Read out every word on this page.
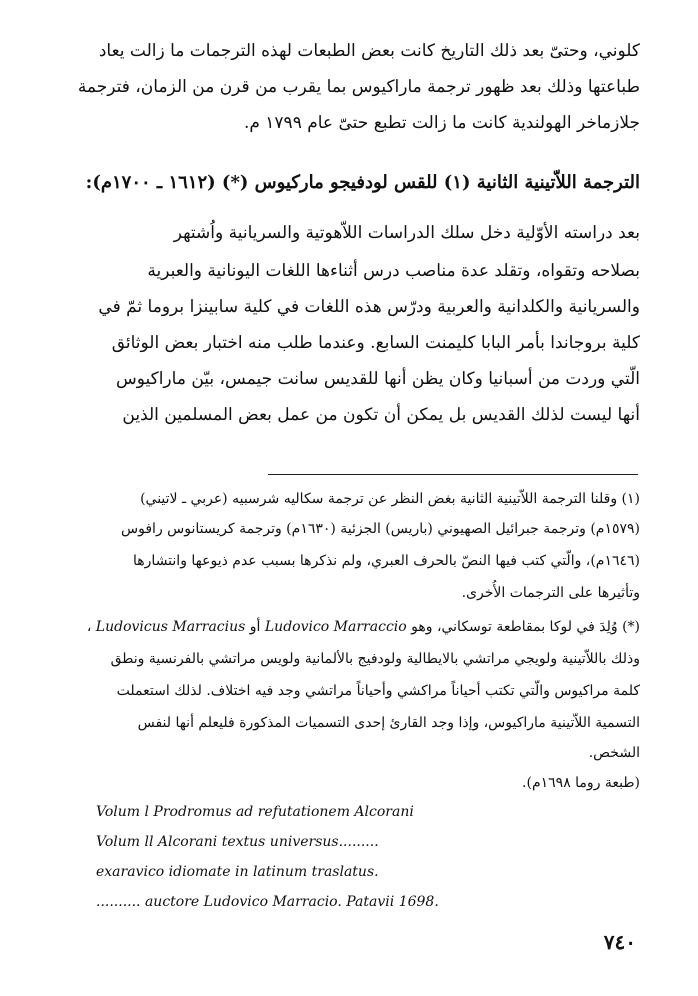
كلوني، وحتىّ بعد ذلك التاريخ كانت بعض الطبعات لهذه الترجمات ما زالت يعاد
طباعتها وذلك بعد ظهور ترجمة ماراكيوس بما يقرب من قرن من الزمان، فترجمة
جلازماخر الهولندية كانت ما زالت تطبع حتىّ عام ١٧٩٩ م.
الترجمة اللاّتينية الثانية (١) للقس لودفيجو ماركيوس (*) (١٦١٢ ـ ١٧٠٠م):
بعد دراسته الأوّلية دخل سلك الدراسات اللاّهوتية والسريانية واُشتهر
بصلاحه وتقواه، وتقلد عدة مناصب درس أثناءها اللغات اليونانية والعبرية
والسريانية والكلدانية والعربية ودرّس هذه اللغات في كلية سابينزا بروما ثمّ في
كلية بروجاندا بأمر البابا كليمنت السابع. وعندما طلب منه اختبار بعض الوثائق
الّتي وردت من أسبانيا وكان يظن أنها للقديس سانت جيمس، بيّن ماراكيوس
أنها ليست لذلك القديس بل يمكن أن تكون من عمل بعض المسلمين الذين
(١) وقلنا الترجمة اللاّتينية الثانية بغض النظر عن ترجمة سكاليه شرسبيه (عربي ـ لاتيني)
(١٥٧٩م) وترجمة جبرائيل الصهيوني (باريس) الجزئية (١٦٣٠م) وترجمة كريستانوس رافوس
(١٦٤٦م)، والّتي كتب فيها النصّ بالحرف العبري، ولم نذكرها بسبب عدم ذيوعها وانتشارها
وتأثيرها على الترجمات الأُخرى.
(*) وُلِدَ في لوكا بمقاطعة توسكاني، وهو Ludovico Marraccio أو Ludovicus Marracius ،
وذلك باللاّتينية ولويجي مراتشي بالايطالية ولودفيج بالألمانية ولويس مراتشي بالفرنسية ونطق
كلمة مراكيوس والّتي تكتب أحياناً مراكشي وأحياناً مراتشي وجد فيه اختلاف. لذلك استعملت
التسمية اللاّتينية ماراكيوس، وإذا وجد القارئ إحدى التسميات المذكورة فليعلم أنها لنفس
الشخص.
(طبعة روما ١٦٩٨م).
Volum l Prodromus ad refutationem Alcorani
Volum ll Alcorani textus universus.........
exaravico idiomate in latinum traslatus.
.......... auctore Ludovico Marracio. Patavii 1698.
٧٤٠
